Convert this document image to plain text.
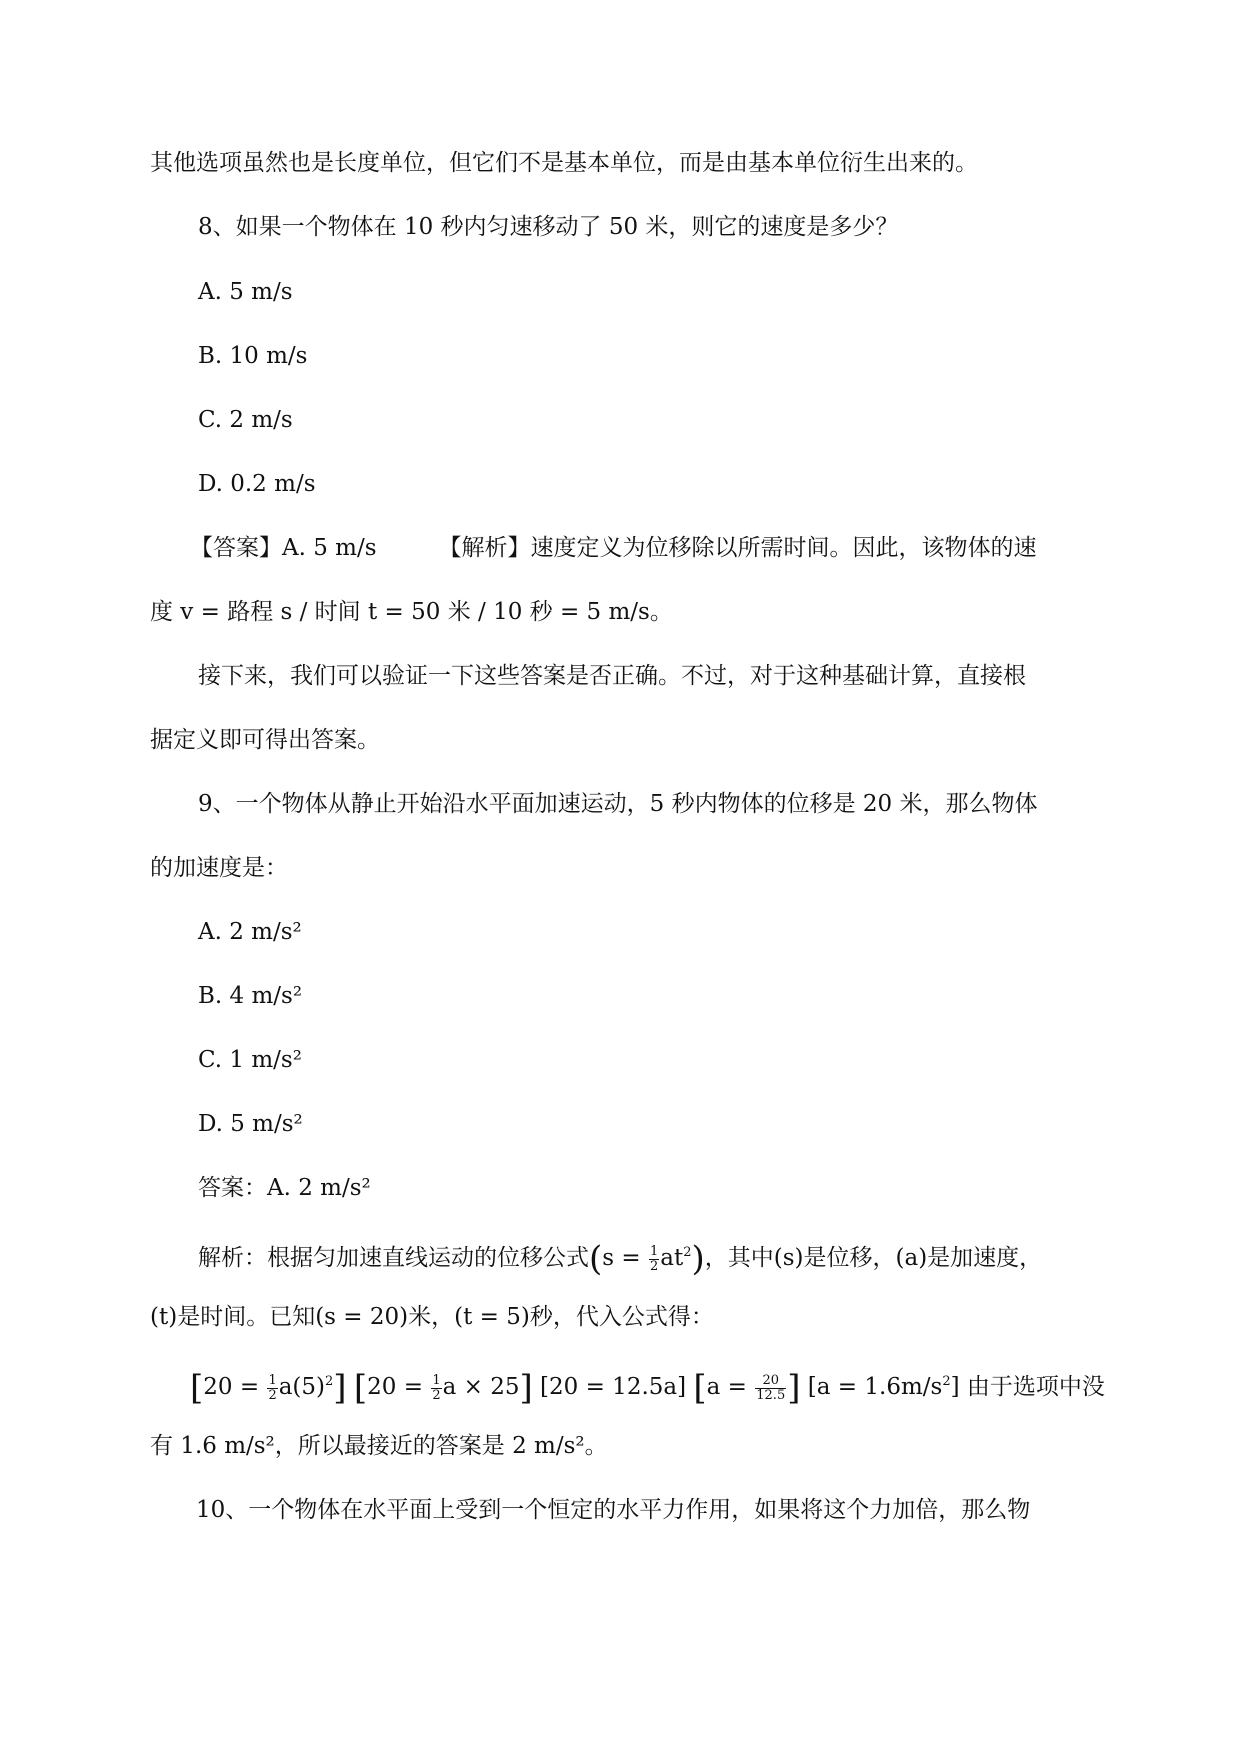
其他选项虽然也是长度单位，但它们不是基本单位，而是由基本单位衍生出来的。
8、如果一个物体在 10 秒内匀速移动了 50 米，则它的速度是多少？
A. 5 m/s
B. 10 m/s
C. 2 m/s
D. 0.2 m/s
【答案】A. 5 m/s	【解析】速度定义为位移除以所需时间。因此，该物体的速
度 v = 路程 s / 时间 t = 50 米 / 10 秒 = 5 m/s。
接下来，我们可以验证一下这些答案是否正确。不过，对于这种基础计算，直接根
据定义即可得出答案。
9、一个物体从静止开始沿水平面加速运动，5 秒内物体的位移是 20 米，那么物体
的加速度是：
A. 2 m/s²
B. 4 m/s²
C. 1 m/s²
D. 5 m/s²
答案：A. 2 m/s²
解析：根据匀加速直线运动的位移公式$(s = \frac{1}{2} at^2)$，其中(s)是位移，(a)是加速度，
(t)是时间。已知(s = 20)米，(t = 5)秒，代入公式得：
$[20 = \frac{1}{2} a(5)^2]$ [$20 = \frac{1}{2}$ a × 25] [20 = 12.5a] [$a = \frac{20}{12.5}$ ] $[a = 1.6m/s^2]$ 由于选项中没
有 1.6 m/s²，所以最接近的答案是 2 m/s²。
10、一个物体在水平面上受到一个恒定的水平力作用，如果将这个力加倍，那么物
